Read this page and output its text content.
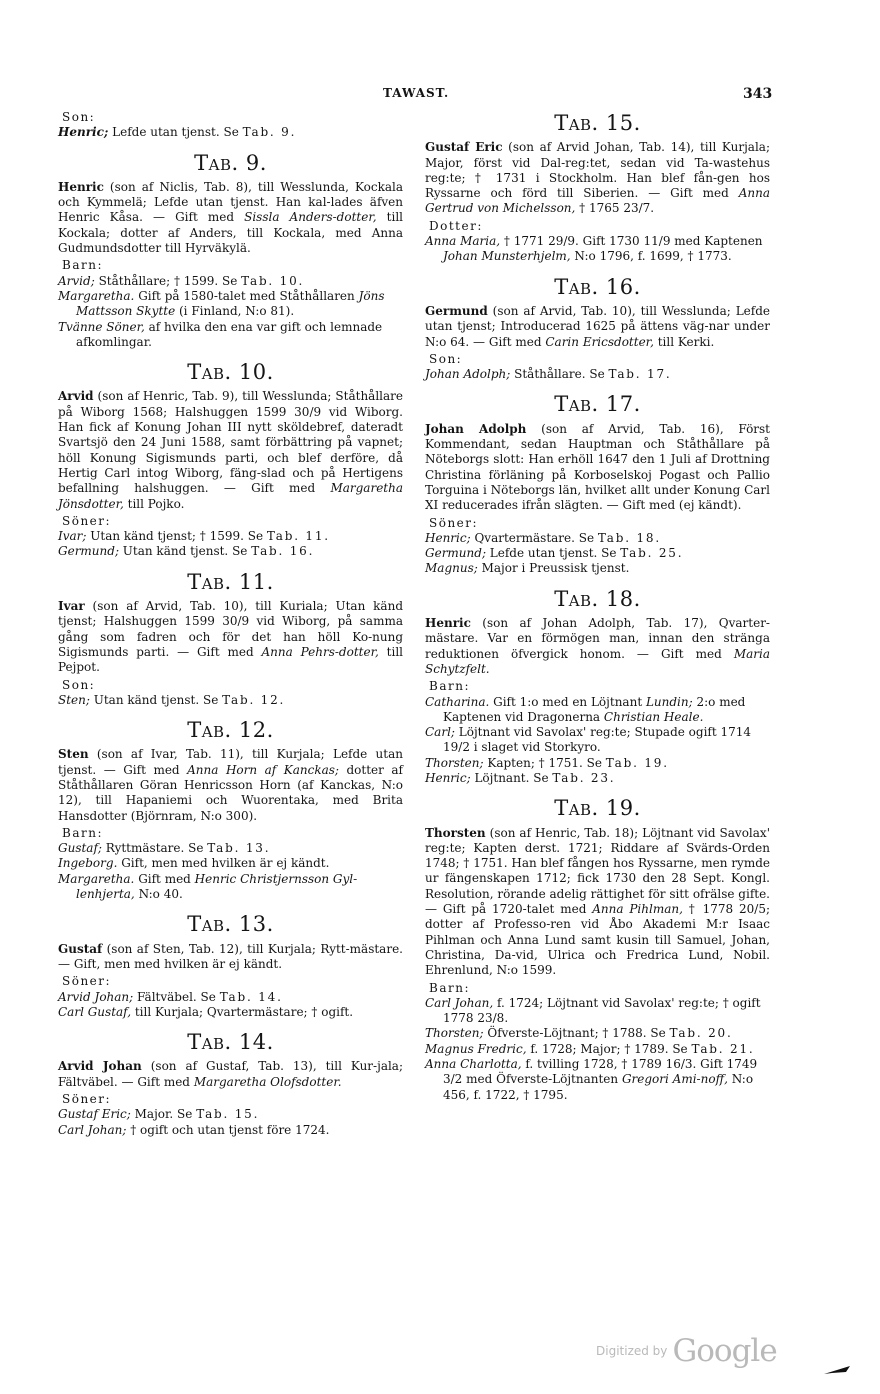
TAWAST.	343
Son:

Henric; Lefde utan tjenst. Se Tab. 9.

Tab. 9.

Henric (son af Niclis, Tab. 8), till Wesslunda, Kockala och Kymmelä; Lefde utan tjenst. Han kal-lades äfven Henric Kåsa. — Gift med Sissla Anders-dotter, till Kockala; dotter af Anders, till Kockala, med Anna Gudmundsdotter till Hyrväkylä.

Barn:

Arvid; Ståthållare; † 1599. Se Tab. 10.

Margaretha. Gift på 1580-talet med Ståthållaren Jöns Mattsson Skytte (i Finland, N:o 81).

Tvänne Söner, af hvilka den ena var gift och lemnade afkomlingar.

Tab. 10.

Arvid (son af Henric, Tab. 9), till Wesslunda; Ståthållare på Wiborg 1568; Halshuggen 1599 30/9 vid Wiborg. Han fick af Konung Johan III nytt sköldebref, dateradt Svartsjö den 24 Juni 1588, samt förbättring på vapnet; höll Konung Sigismunds parti, och blef derföre, då Hertig Carl intog Wiborg, fäng-slad och på Hertigens befallning halshuggen. — Gift med Margaretha Jönsdotter, till Pojko.

Söner:

Ivar; Utan känd tjenst; † 1599. Se Tab. 11.

Germund; Utan känd tjenst. Se Tab. 16.

Tab. 11.

Ivar (son af Arvid, Tab. 10), till Kuriala; Utan känd tjenst; Halshuggen 1599 30/9 vid Wiborg, på samma gång som fadren och för det han höll Ko-nung Sigismunds parti. — Gift med Anna Pehrs-dotter, till Pejpot.

Son:

Sten; Utan känd tjenst. Se Tab. 12.

Tab. 12.

Sten (son af Ivar, Tab. 11), till Kurjala; Lefde utan tjenst. — Gift med Anna Horn af Kanckas; dotter af Ståthållaren Göran Henricsson Horn (af Kanckas, N:o 12), till Hapaniemi och Wuorentaka, med Brita Hansdotter (Björnram, N:o 300).

Barn:

Gustaf; Ryttmästare. Se Tab. 13.

Ingeborg. Gift, men med hvilken är ej kändt.

Margaretha. Gift med Henric Christjernsson Gyl-lenhjerta, N:o 40.

Tab. 13.

Gustaf (son af Sten, Tab. 12), till Kurjala; Rytt-mästare. — Gift, men med hvilken är ej kändt.

Söner:

Arvid Johan; Fältväbel. Se Tab. 14.

Carl Gustaf, till Kurjala; Qvartermästare; † ogift.

Tab. 14.

Arvid Johan (son af Gustaf, Tab. 13), till Kur-jala; Fältväbel. — Gift med Margaretha Olofsdotter.

Söner:

Gustaf Eric; Major. Se Tab. 15.

Carl Johan; † ogift och utan tjenst före 1724.

Tab. 15.

Gustaf Eric (son af Arvid Johan, Tab. 14), till Kurjala; Major, först vid Dal-reg:tet, sedan vid Ta-wastehus reg:te; † 1731 i Stockholm. Han blef fån-gen hos Ryssarne och förd till Siberien. — Gift med Anna Gertrud von Michelsson, † 1765 23/7.

Dotter:

Anna Maria, † 1771 29/9. Gift 1730 11/9 med Kaptenen Johan Munsterhjelm, N:o 1796, f. 1699, † 1773.

Tab. 16.

Germund (son af Arvid, Tab. 10), till Wesslunda; Lefde utan tjenst; Introducerad 1625 på ättens väg-nar under N:o 64. — Gift med Carin Ericsdotter, till Kerki.

Son:

Johan Adolph; Ståthållare. Se Tab. 17.

Tab. 17.

Johan Adolph (son af Arvid, Tab. 16), Först Kommendant, sedan Hauptman och Ståthållare på Nöteborgs slott: Han erhöll 1647 den 1 Juli af Drottning Christina förläning på Korboselskoj Pogast och Pallio Torguina i Nöteborgs län, hvilket allt under Konung Carl XI reducerades ifrån slägten. — Gift med (ej kändt).

Söner:

Henric; Qvartermästare. Se Tab. 18.

Germund; Lefde utan tjenst. Se Tab. 25.

Magnus; Major i Preussisk tjenst.

Tab. 18.

Henric (son af Johan Adolph, Tab. 17), Qvarter-mästare. Var en förmögen man, innan den stränga reduktionen öfvergick honom. — Gift med Maria Schytzfelt.

Barn:

Catharina. Gift 1:o med en Löjtnant Lundin; 2:o med Kaptenen vid Dragonerna Christian Heale.

Carl; Löjtnant vid Savolax' reg:te; Stupade ogift 1714 19/2 i slaget vid Storkyro.

Thorsten; Kapten; † 1751. Se Tab. 19.

Henric; Löjtnant. Se Tab. 23.

Tab. 19.

Thorsten (son af Henric, Tab. 18); Löjtnant vid Savolax' reg:te; Kapten derst. 1721; Riddare af Svärds-Orden 1748; † 1751. Han blef fången hos Ryssarne, men rymde ur fängenskapen 1712; fick 1730 den 28 Sept. Kongl. Resolution, rörande adelig rättighet för sitt ofrälse gifte. — Gift på 1720-talet med Anna Pihlman, † 1778 20/5; dotter af Professo-ren vid Åbo Akademi M:r Isaac Pihlman och Anna Lund samt kusin till Samuel, Johan, Christina, Da-vid, Ulrica och Fredrica Lund, Nobil. Ehrenlund, N:o 1599.

Barn:

Carl Johan, f. 1724; Löjtnant vid Savolax' reg:te; † ogift 1778 23/8.

Thorsten; Öfverste-Löjtnant; † 1788. Se Tab. 20.

Magnus Fredric, f. 1728; Major; † 1789. Se Tab. 21.

Anna Charlotta, f. tvilling 1728, † 1789 16/3. Gift 1749 3/2 med Öfverste-Löjtnanten Gregori Ami-noff, N:o 456, f. 1722, † 1795.

Digitized by Google
